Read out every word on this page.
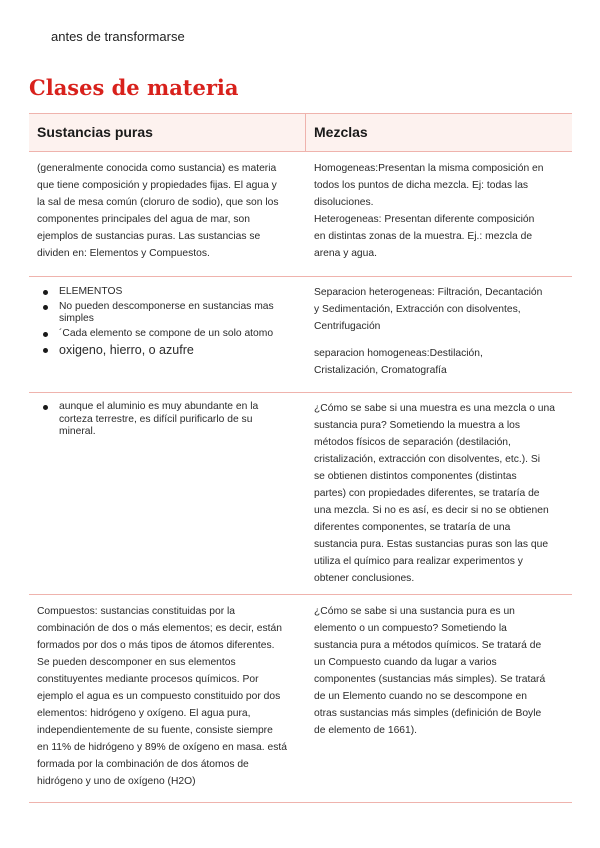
antes de transformarse
Clases de materia
Sustancias puras	Mezclas

(generalmente conocida como sustancia) es materia
que tiene composición y propiedades fijas. El agua y
la sal de mesa común (cloruro de sodio), que son los
componentes principales del agua de mar, son
ejemplos de sustancias puras. Las sustancias se
dividen en: Elementos y Compuestos.

Homogeneas:Presentan la misma composición en
todos los puntos de dicha mezcla. Ej: todas las
disoluciones.
Heterogeneas: Presentan diferente composición
en distintas zonas de la muestra. Ej.: mezcla de
arena y agua.

ELEMENTOS
No pueden descomponerse en sustancias mas simples
´Cada elemento se compone de un solo atomo
oxigeno, hierro, o azufre

Separacion heterogeneas: Filtración, Decantación
y Sedimentación, Extracción con disolventes,
Centrifugación

separacion homogeneas:Destilación,
Cristalización, Cromatografía

aunque el aluminio es muy abundante en la
corteza terrestre, es difícil purificarlo de su
mineral.

¿Cómo se sabe si una muestra es una mezcla o una
sustancia pura? Sometiendo la muestra a los
métodos físicos de separación (destilación,
cristalización, extracción con disolventes, etc.). Si
se obtienen distintos componentes (distintas
partes) con propiedades diferentes, se trataría de
una mezcla. Si no es así, es decir si no se obtienen
diferentes componentes, se trataría de una
sustancia pura. Estas sustancias puras son las que
utiliza el químico para realizar experimentos y
obtener conclusiones.

Compuestos: sustancias constituidas por la
combinación de dos o más elementos; es decir, están
formados por dos o más tipos de átomos diferentes.
Se pueden descomponer en sus elementos
constituyentes mediante procesos químicos. Por
ejemplo el agua es un compuesto constituido por dos
elementos: hidrógeno y oxígeno. El agua pura,
independientemente de su fuente, consiste siempre
en 11% de hidrógeno y 89% de oxígeno en masa. está
formada por la combinación de dos átomos de
hidrógeno y uno de oxígeno (H2O)

¿Cómo se sabe si una sustancia pura es un
elemento o un compuesto? Sometiendo la
sustancia pura a métodos químicos. Se tratará de
un Compuesto cuando da lugar a varios
componentes (sustancias más simples). Se tratará
de un Elemento cuando no se descompone en
otras sustancias más simples (definición de Boyle
de elemento de 1661).
